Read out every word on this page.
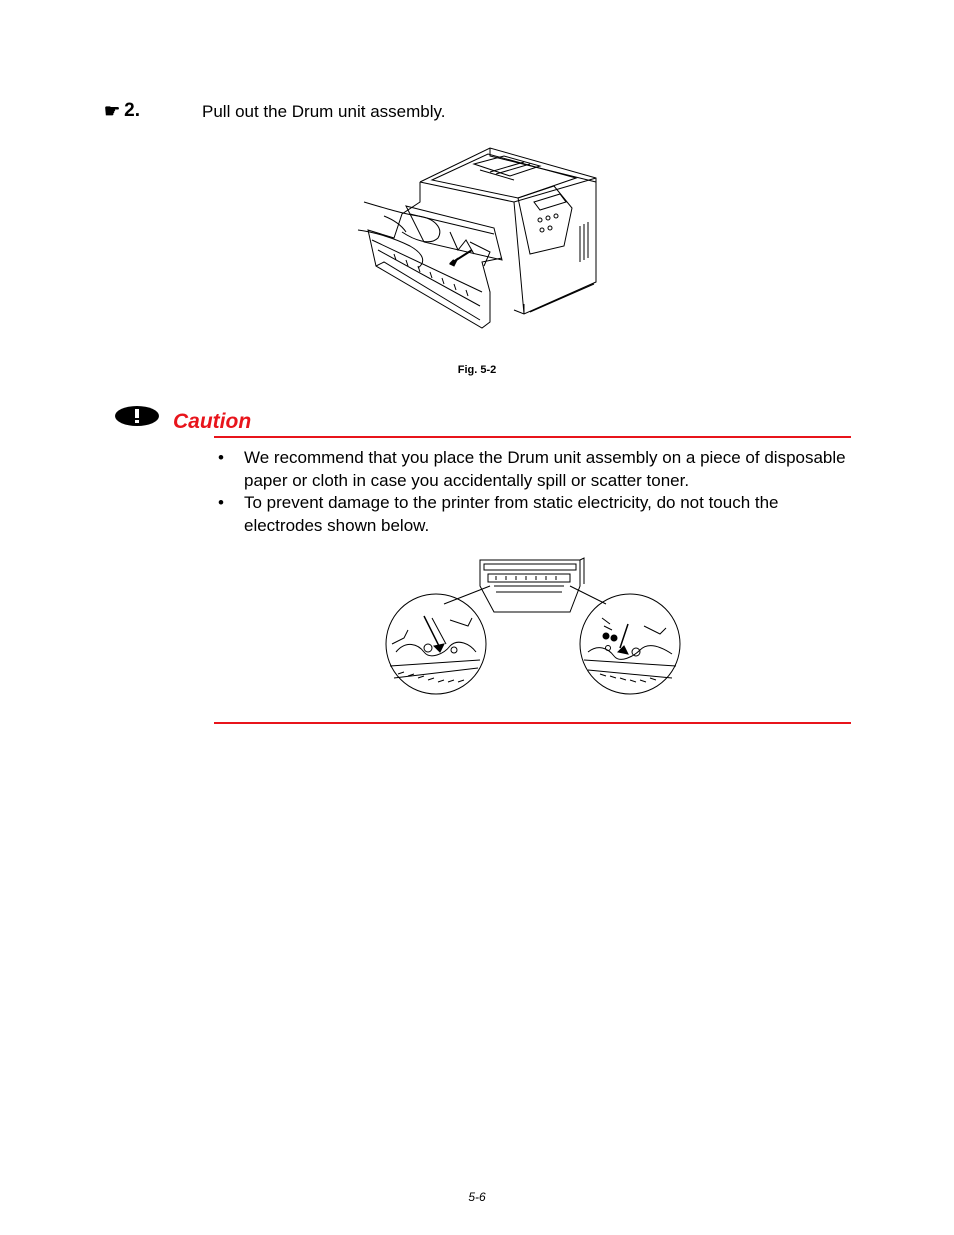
☛ 2.	Pull out the Drum unit assembly.
Fig. 5-2
Caution
•	We recommend that you place the Drum unit assembly on a piece of disposable paper or cloth in case you accidentally spill or scatter toner.
•	To prevent damage to the printer from static electricity, do not touch the electrodes shown below.
5-6
